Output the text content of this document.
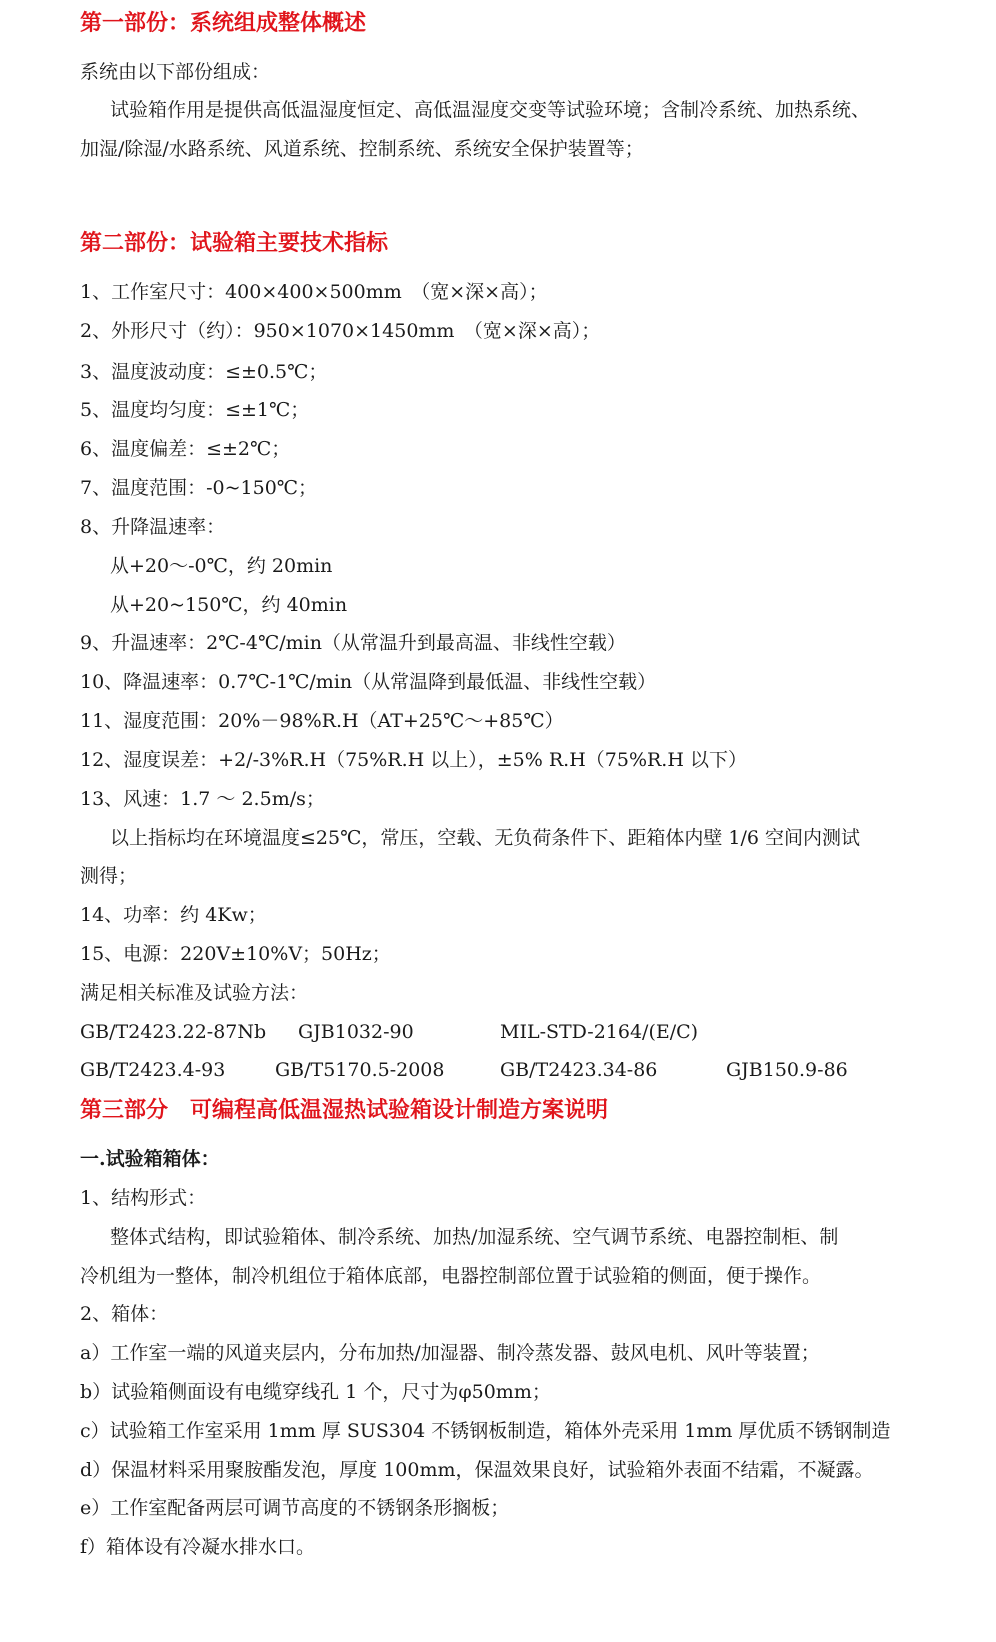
第一部份：系统组成整体概述
系统由以下部份组成：
试验箱作用是提供高低温湿度恒定、高低温湿度交变等试验环境；含制冷系统、加热系统、
加湿/除湿/水路系统、风道系统、控制系统、系统安全保护装置等；
第二部份：试验箱主要技术指标
1、工作室尺寸：400×400×500mm　（宽×深×高）；
2、外形尺寸（约）：950×1070×1450mm　（宽×深×高）；
3、温度波动度：≤±0.5℃；
5、温度均匀度：≤±1℃；
6、温度偏差：≤±2℃；
7、温度范围：-0~150℃；
8、升降温速率：
从+20～-0℃，约 20min
从+20~150℃，约 40min
9、升温速率：2℃-4℃/min（从常温升到最高温、非线性空载）
10、降温速率：0.7℃-1℃/min（从常温降到最低温、非线性空载）
11、湿度范围：20%－98%R.H（AT+25℃～+85℃）
12、湿度误差：+2/-3%R.H（75%R.H 以上），±5% R.H（75%R.H 以下）
13、风速：1.7 ～ 2.5m/s；
以上指标均在环境温度≤25℃，常压，空载、无负荷条件下、距箱体内壁 1/6 空间内测试
测得；
14、功率：约 4Kw；
15、电源：220V±10%V；50Hz；
满足相关标准及试验方法：
GB/T2423.22-87Nb GJB1032-90	MIL-STD-2164/(E/C)
GB/T2423.4-93	GB/T5170.5-2008	GB/T2423.34-86	GJB150.9-86
第三部分　可编程高低温湿热试验箱设计制造方案说明
一.试验箱箱体：
1、结构形式：
整体式结构，即试验箱体、制冷系统、加热/加湿系统、空气调节系统、电器控制柜、制
冷机组为一整体，制冷机组位于箱体底部，电器控制部位置于试验箱的侧面，便于操作。
2、箱体：
a）工作室一端的风道夹层内，分布加热/加湿器、制冷蒸发器、鼓风电机、风叶等装置；
b）试验箱侧面设有电缆穿线孔 1 个，尺寸为φ50mm；
c）试验箱工作室采用 1mm 厚 SUS304 不锈钢板制造，箱体外壳采用 1mm 厚优质不锈钢制造
d）保温材料采用聚胺酯发泡，厚度 100mm，保温效果良好，试验箱外表面不结霜，不凝露。
e）工作室配备两层可调节高度的不锈钢条形搁板；
f）箱体设有冷凝水排水口。
